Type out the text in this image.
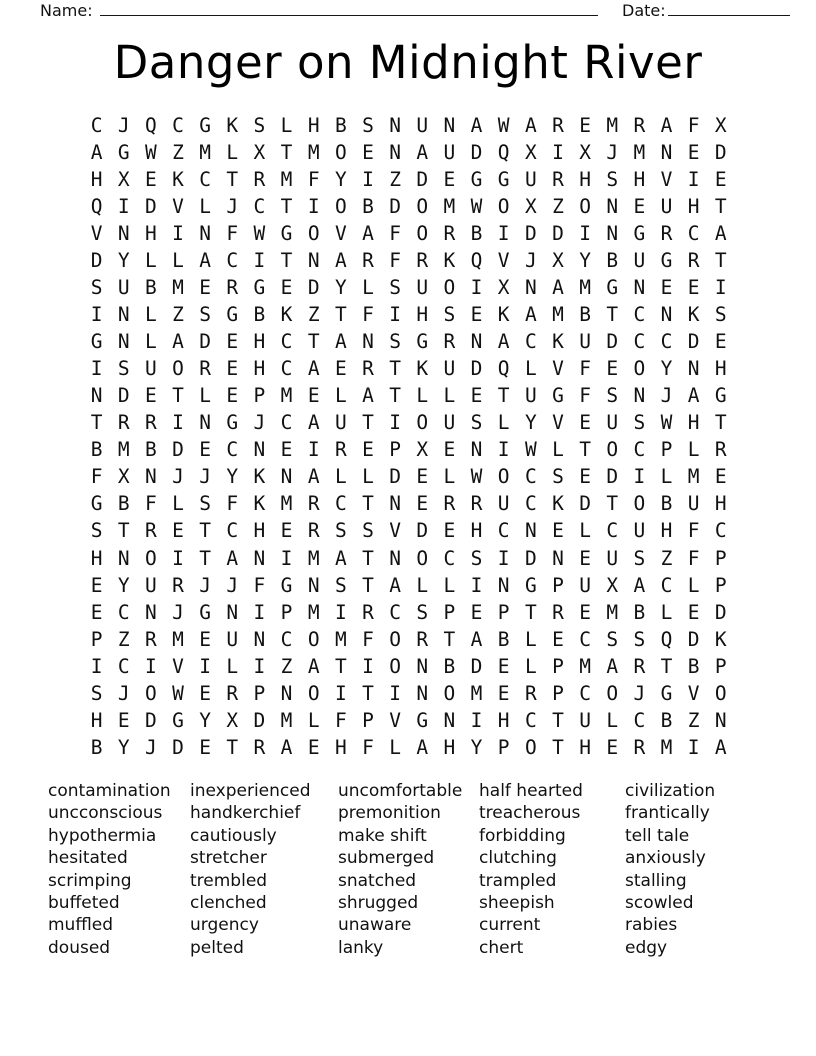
Name:	Date:
Danger on Midnight River
C J Q C G K S L H B S N U N A W A R E M R A F X
A G W Z M L X T M O E N A U D Q X I X J M N E D
H X E K C T R M F Y I Z D E G G U R H S H V I E
Q I D V L J C T I O B D O M W O X Z O N E U H T
V N H I N F W G O V A F O R B I D D I N G R C A
D Y L L A C I T N A R F R K Q V J X Y B U G R T
S U B M E R G E D Y L S U O I X N A M G N E E I
I N L Z S G B K Z T F I H S E K A M B T C N K S
G N L A D E H C T A N S G R N A C K U D C C D E
I S U O R E H C A E R T K U D Q L V F E O Y N H
N D E T L E P M E L A T L L E T U G F S N J A G
T R R I N G J C A U T I O U S L Y V E U S W H T
B M B D E C N E I R E P X E N I W L T O C P L R
F X N J J Y K N A L L D E L W O C S E D I L M E
G B F L S F K M R C T N E R R U C K D T O B U H
S T R E T C H E R S S V D E H C N E L C U H F C
H N O I T A N I M A T N O C S I D N E U S Z F P
E Y U R J J F G N S T A L L I N G P U X A C L P
E C N J G N I P M I R C S P E P T R E M B L E D
P Z R M E U N C O M F O R T A B L E C S S Q D K
I C I V I L I Z A T I O N B D E L P M A R T B P
S J O W E R P N O I T I N O M E R P C O J G V O
H E D G Y X D M L F P V G N I H C T U L C B Z N
B Y J D E T R A E H F L A H Y P O T H E R M I A
contamination
uncconscious
hypothermia
hesitated
scrimping
buffeted
muffled
doused
inexperienced
handkerchief
cautiously
stretcher
trembled
clenched
urgency
pelted
uncomfortable
premonition
make shift
submerged
snatched
shrugged
unaware
lanky
half hearted
treacherous
forbidding
clutching
trampled
sheepish
current
chert
civilization
frantically
tell tale
anxiously
stalling
scowled
rabies
edgy
